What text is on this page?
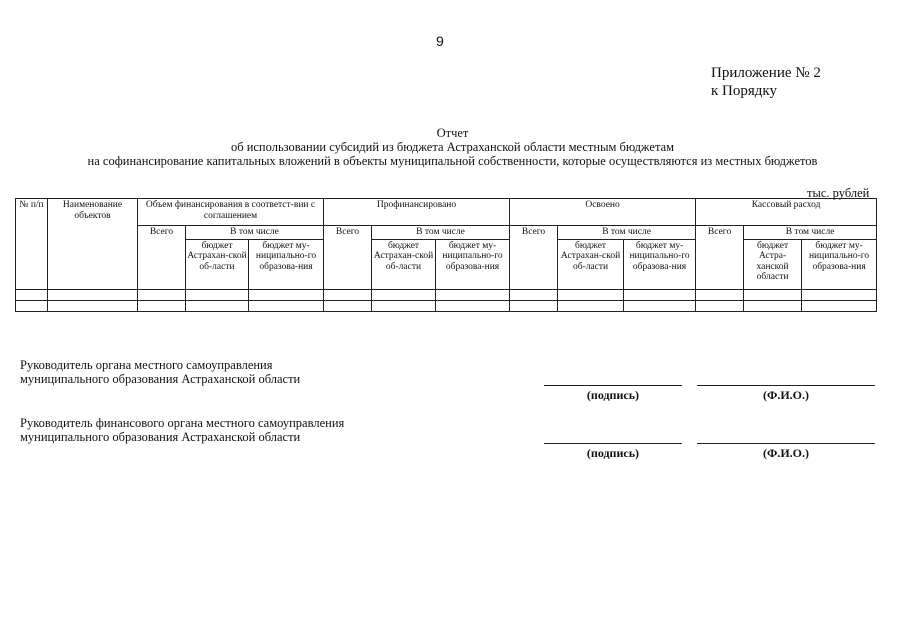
9
Приложение № 2
к Порядку
Отчет
об использовании субсидий из бюджета Астраханской области местным бюджетам
на софинансирование капитальных вложений в объекты муниципальной собственности, которые осуществляются из местных бюджетов
тыс. рублей
№ п/п	Наименование объектов	Объем финансирования в соответст-вии с соглашением			Профинансировано			Освоено			Кассовый расход		
		Всего	В том числе		Всего	В том числе		Всего	В том числе		Всего	В том числе	
			бюджет Астрахан-ской об-ласти	бюджет му-ниципально-го образова-ния		бюджет Астрахан-ской об-ласти	бюджет му-ниципально-го образова-ния		бюджет Астрахан-ской об-ласти	бюджет му-ниципально-го образова-ния		бюджет Астра-ханской области	бюджет му-ниципально-го образова-ния

Руководитель органа местного самоуправления
муниципального образования Астраханской области
(подпись)	(Ф.И.О.)
Руководитель финансового органа местного самоуправления
муниципального образования Астраханской области
(подпись)	(Ф.И.О.)
